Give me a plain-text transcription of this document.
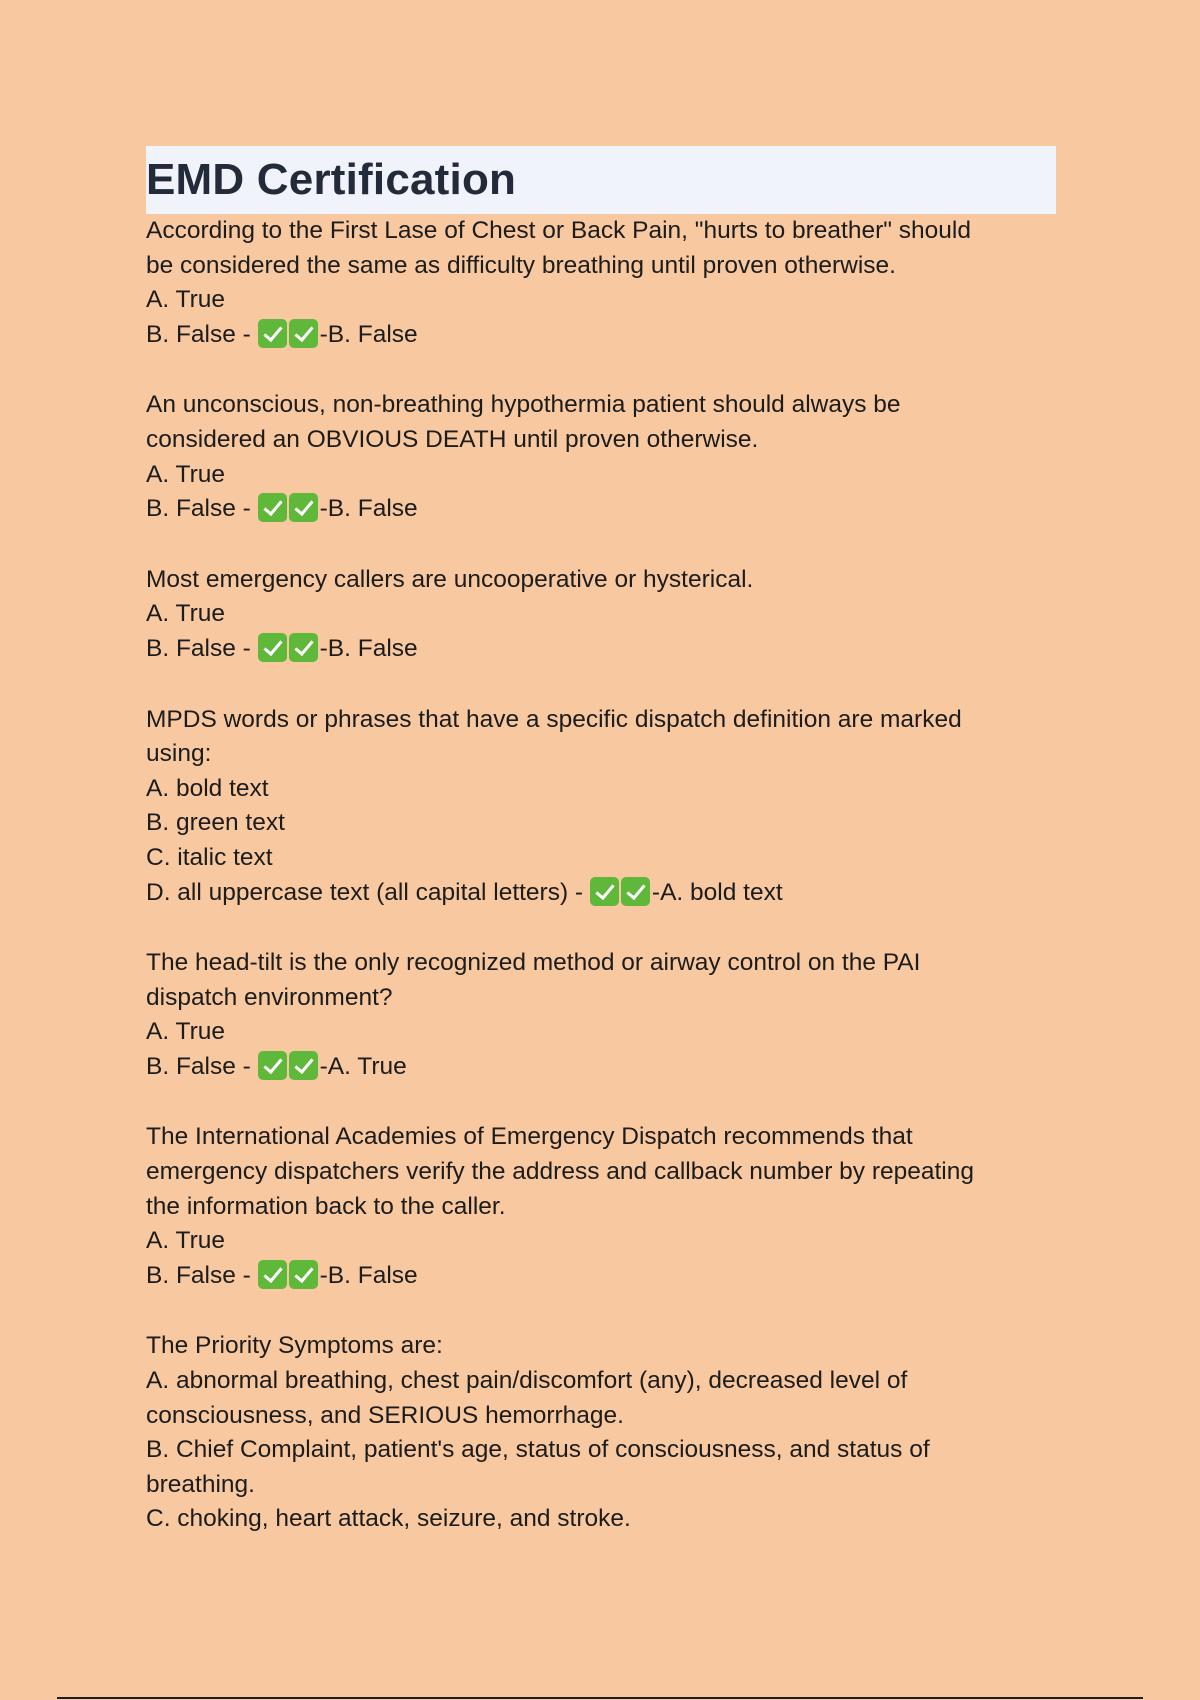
EMD Certification
According to the First Lase of Chest or Back Pain, "hurts to breather" should
be considered the same as difficulty breathing until proven otherwise.
A. True
B. False -	-B. False
An unconscious, non-breathing hypothermia patient should always be
considered an OBVIOUS DEATH until proven otherwise.
A. True
B. False -	-B. False
Most emergency callers are uncooperative or hysterical.
A. True
B. False -	-B. False
MPDS words or phrases that have a specific dispatch definition are marked
using:
A. bold text
B. green text
C. italic text
D. all uppercase text (all capital letters) -	-A. bold text
The head-tilt is the only recognized method or airway control on the PAI
dispatch environment?
A. True
B. False -	-A. True
The International Academies of Emergency Dispatch recommends that
emergency dispatchers verify the address and callback number by repeating
the information back to the caller.
A. True
B. False -	-B. False
The Priority Symptoms are:
A. abnormal breathing, chest pain/discomfort (any), decreased level of
consciousness, and SERIOUS hemorrhage.
B. Chief Complaint, patient's age, status of consciousness, and status of
breathing.
C. choking, heart attack, seizure, and stroke.
